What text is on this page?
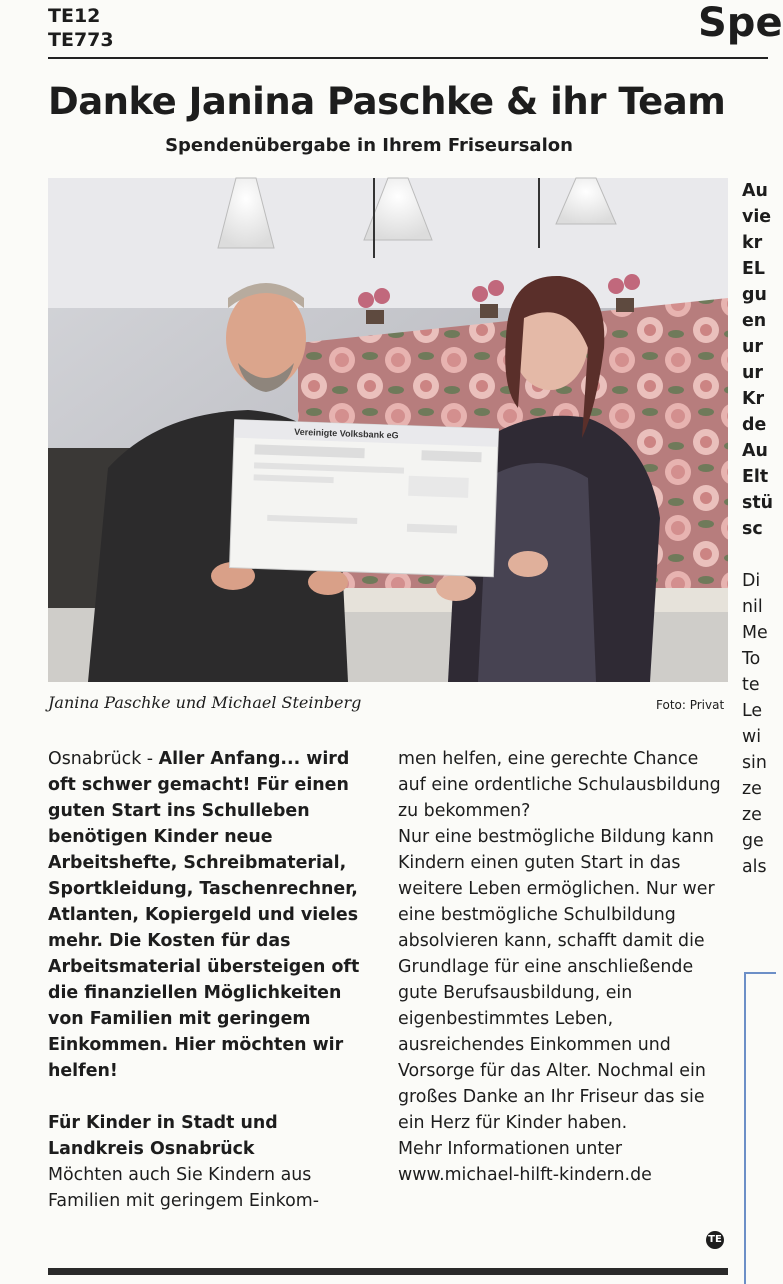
TE12
TE773	Spe
Danke Janina Paschke & ihr Team
Spendenübergabe in Ihrem Friseursalon
Vereinigte Volksbank eG
Janina Paschke und Michael Steinberg	Foto: Privat
Osnabrück - Aller Anfang... wird oft schwer gemacht! Für einen guten Start ins Schulleben benötigen Kinder neue Arbeitshefte, Schreibmaterial, Sportkleidung, Taschenrechner, Atlanten, Kopiergeld und vieles mehr. Die Kosten für das Arbeitsmaterial übersteigen oft die finanziellen Möglichkeiten von Familien mit geringem Einkommen. Hier möchten wir helfen!
Für Kinder in Stadt und
Landkreis Osnabrück
Möchten auch Sie Kindern aus Familien mit geringem Einkom-
men helfen, eine gerechte Chance auf eine ordentliche Schulausbildung zu bekommen?
Nur eine bestmögliche Bildung kann Kindern einen guten Start in das weitere Leben ermöglichen. Nur wer eine bestmögliche Schulbildung absolvieren kann, schafft damit die Grundlage für eine anschließende gute Berufsausbildung, ein eigenbestimmtes Leben, ausreichendes Einkommen und Vorsorge für das Alter. Nochmal ein großes Danke an Ihr Friseur das sie ein Herz für Kinder haben.
Mehr Informationen unter www.michael-hilft-kindern.de
TE
Au
vie
kr
EL
gu
en
ur
ur
Kr
de
Au
Elt
stü
sc
Di
nil
Me
To
te
Le
wi
sin
ze
ze
ge
als
